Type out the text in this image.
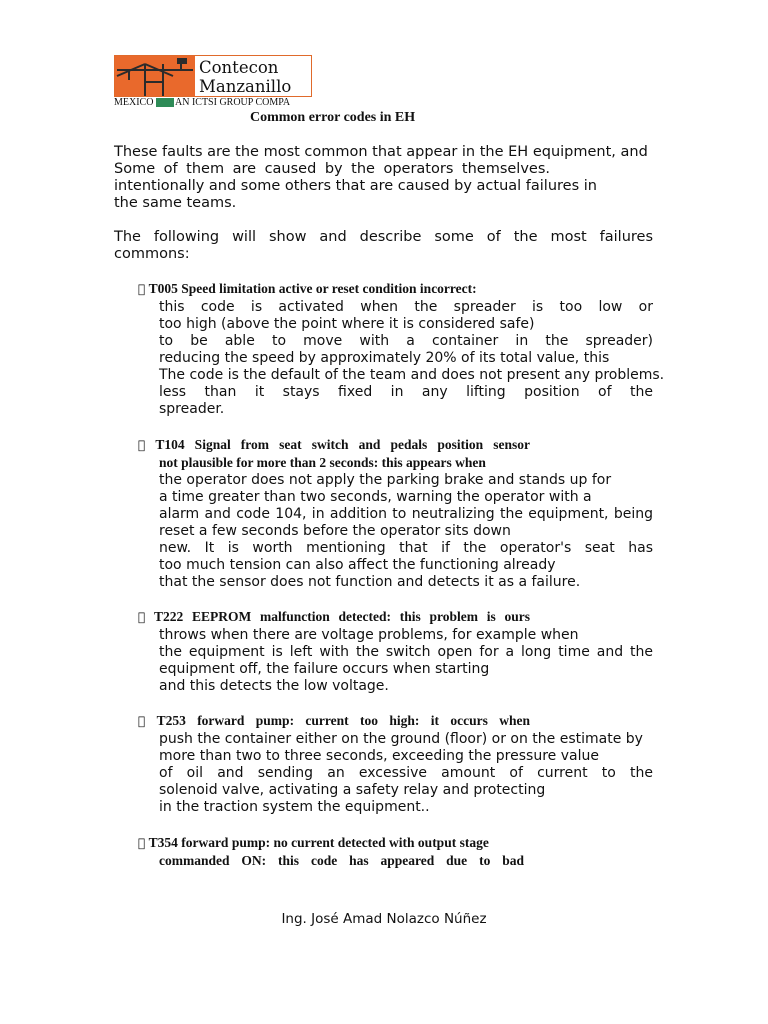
Contecon
Manzanillo
MEXICO AN ICTSI GROUP COMPA
Common error codes in EH
These faults are the most common that appear in the EH equipment, and
Some of them are caused by the operators themselves.
intentionally and some others that are caused by actual failures in
the same teams.
The following will show and describe some of the most failures
commons:
T005 Speed limitation active or reset condition incorrect:
this code is activated when the spreader is too low or
too high (above the point where it is considered safe)
to be able to move with a container in the spreader)
reducing the speed by approximately 20% of its total value, this
The code is the default of the team and does not present any problems.
less than it stays fixed in any lifting position of the
spreader.
T104 Signal from seat switch and pedals position sensor
not plausible for more than 2 seconds: this appears when
the operator does not apply the parking brake and stands up for
a time greater than two seconds, warning the operator with a
alarm and code 104, in addition to neutralizing the equipment, being
reset a few seconds before the operator sits down
new. It is worth mentioning that if the operator's seat has
too much tension can also affect the functioning already
that the sensor does not function and detects it as a failure.
T222 EEPROM malfunction detected: this problem is ours
throws when there are voltage problems, for example when
the equipment is left with the switch open for a long time and the
equipment off, the failure occurs when starting
and this detects the low voltage.
T253 forward pump: current too high: it occurs when
push the container either on the ground (floor) or on the estimate by
more than two to three seconds, exceeding the pressure value
of oil and sending an excessive amount of current to the
solenoid valve, activating a safety relay and protecting
in the traction system the equipment..
T354 forward pump: no current detected with output stage
commanded ON: this code has appeared due to bad
Ing. José Amad Nolazco Núñez
